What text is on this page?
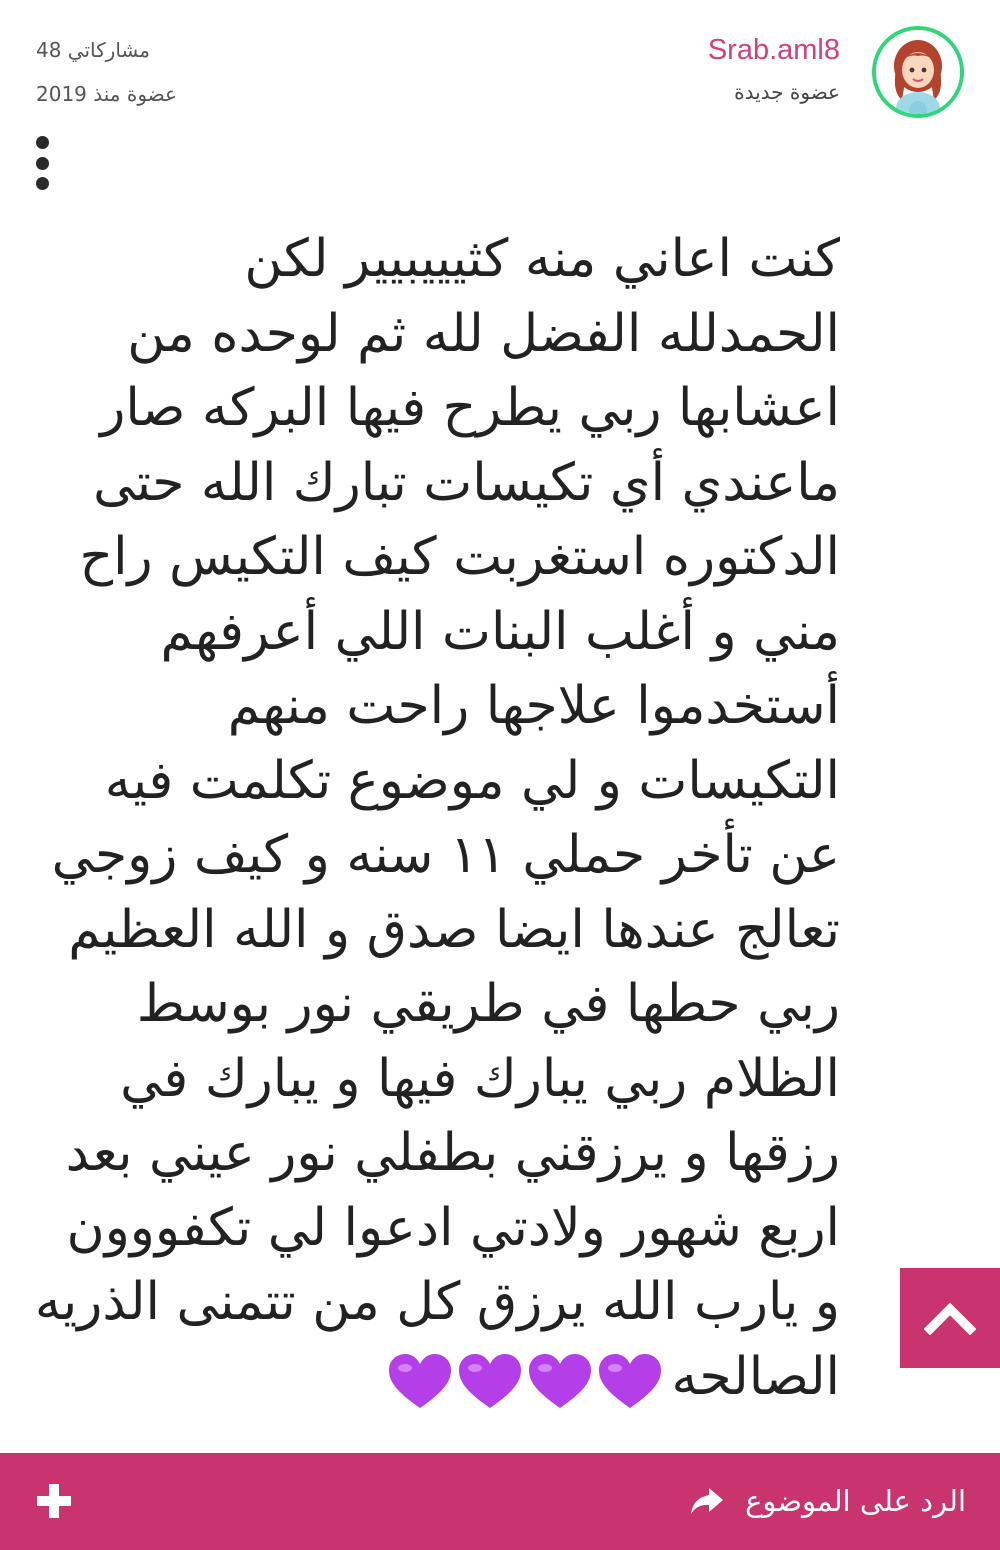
Srab.aml8
عضوة جديدة
مشاركاتي 48
عضوة منذ 2019
كنت اعاني منه كثيييبيير لكن
الحمدلله الفضل لله ثم لوحده من
اعشابها ربي يطرح فيها البركه صار
ماعندي أي تكيسات تبارك الله حتى
الدكتوره استغربت كيف التكيس راح
مني و أغلب البنات اللي أعرفهم
أستخدموا علاجها راحت منهم
التكيسات و لي موضوع تكلمت فيه
عن تأخر حملي ١١ سنه و كيف زوجي
تعالج عندها ايضا صدق و الله العظيم
ربي حطها في طريقي نور بوسط
الظلام ربي يبارك فيها و يبارك في
رزقها و يرزقني بطفلي نور عيني بعد
اربع شهور ولادتي ادعوا لي تكفووون
و يارب الله يرزق كل من تتمنى الذريه
الصالحه
الرد على الموضوع
